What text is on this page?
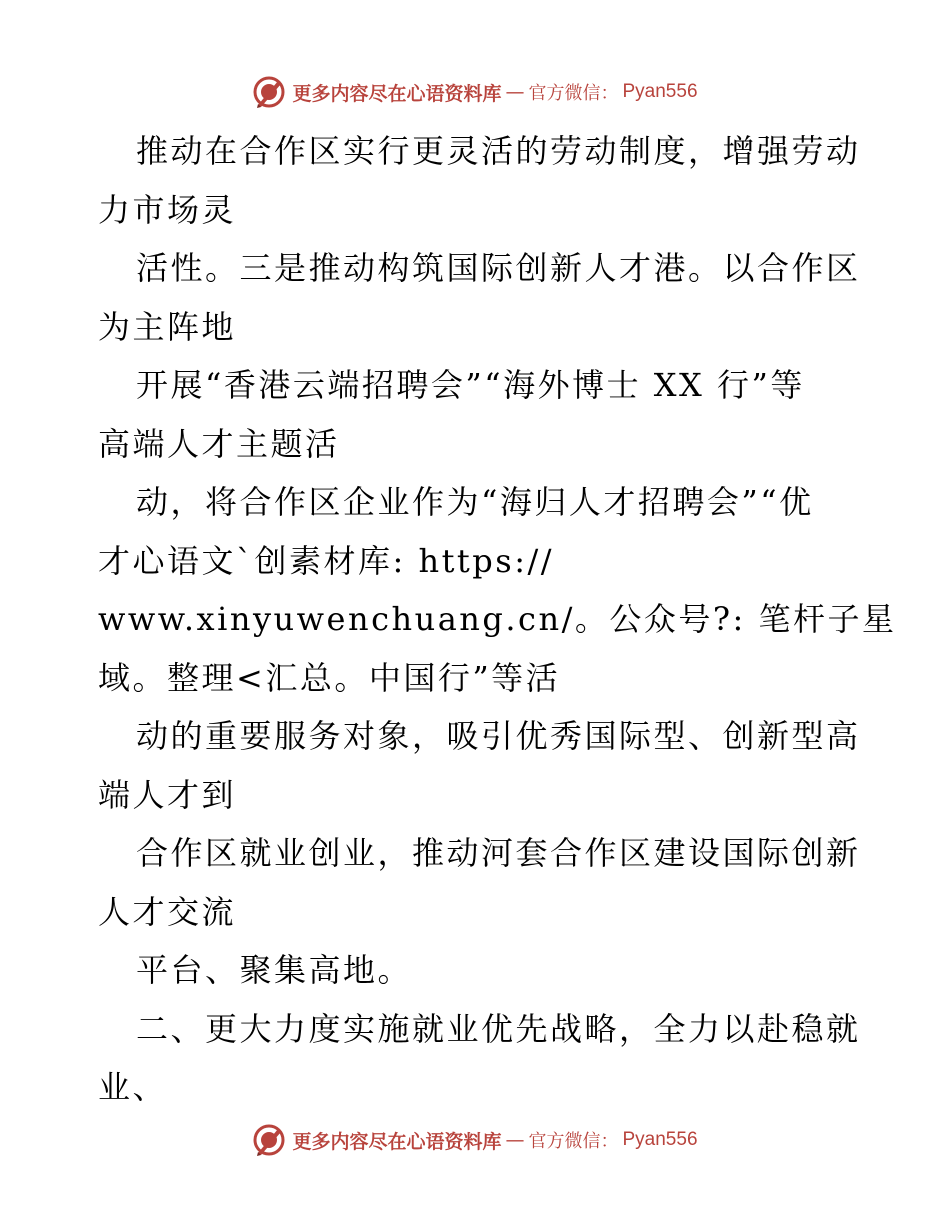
更多内容尽在心语资料库 — 官方微信： Pyan556
推动在合作区实行更灵活的劳动制度，增强劳动
力市场灵
活性。三是推动构筑国际创新人才港。以合作区
为主阵地
开展“香港云端招聘会”“海外博士 XX 行”等
高端人才主题活
动，将合作区企业作为“海归人才招聘会”“优
才心语文`创素材库: https://
www.xinyuwenchuang.cn/。公众号?: 笔杆子星
域。整理<汇总。中国行”等活
动的重要服务对象，吸引优秀国际型、创新型高
端人才到
合作区就业创业，推动河套合作区建设国际创新
人才交流
平台、聚集高地。
二、更大力度实施就业优先战略，全力以赴稳就
业、
更多内容尽在心语资料库 — 官方微信： Pyan556
